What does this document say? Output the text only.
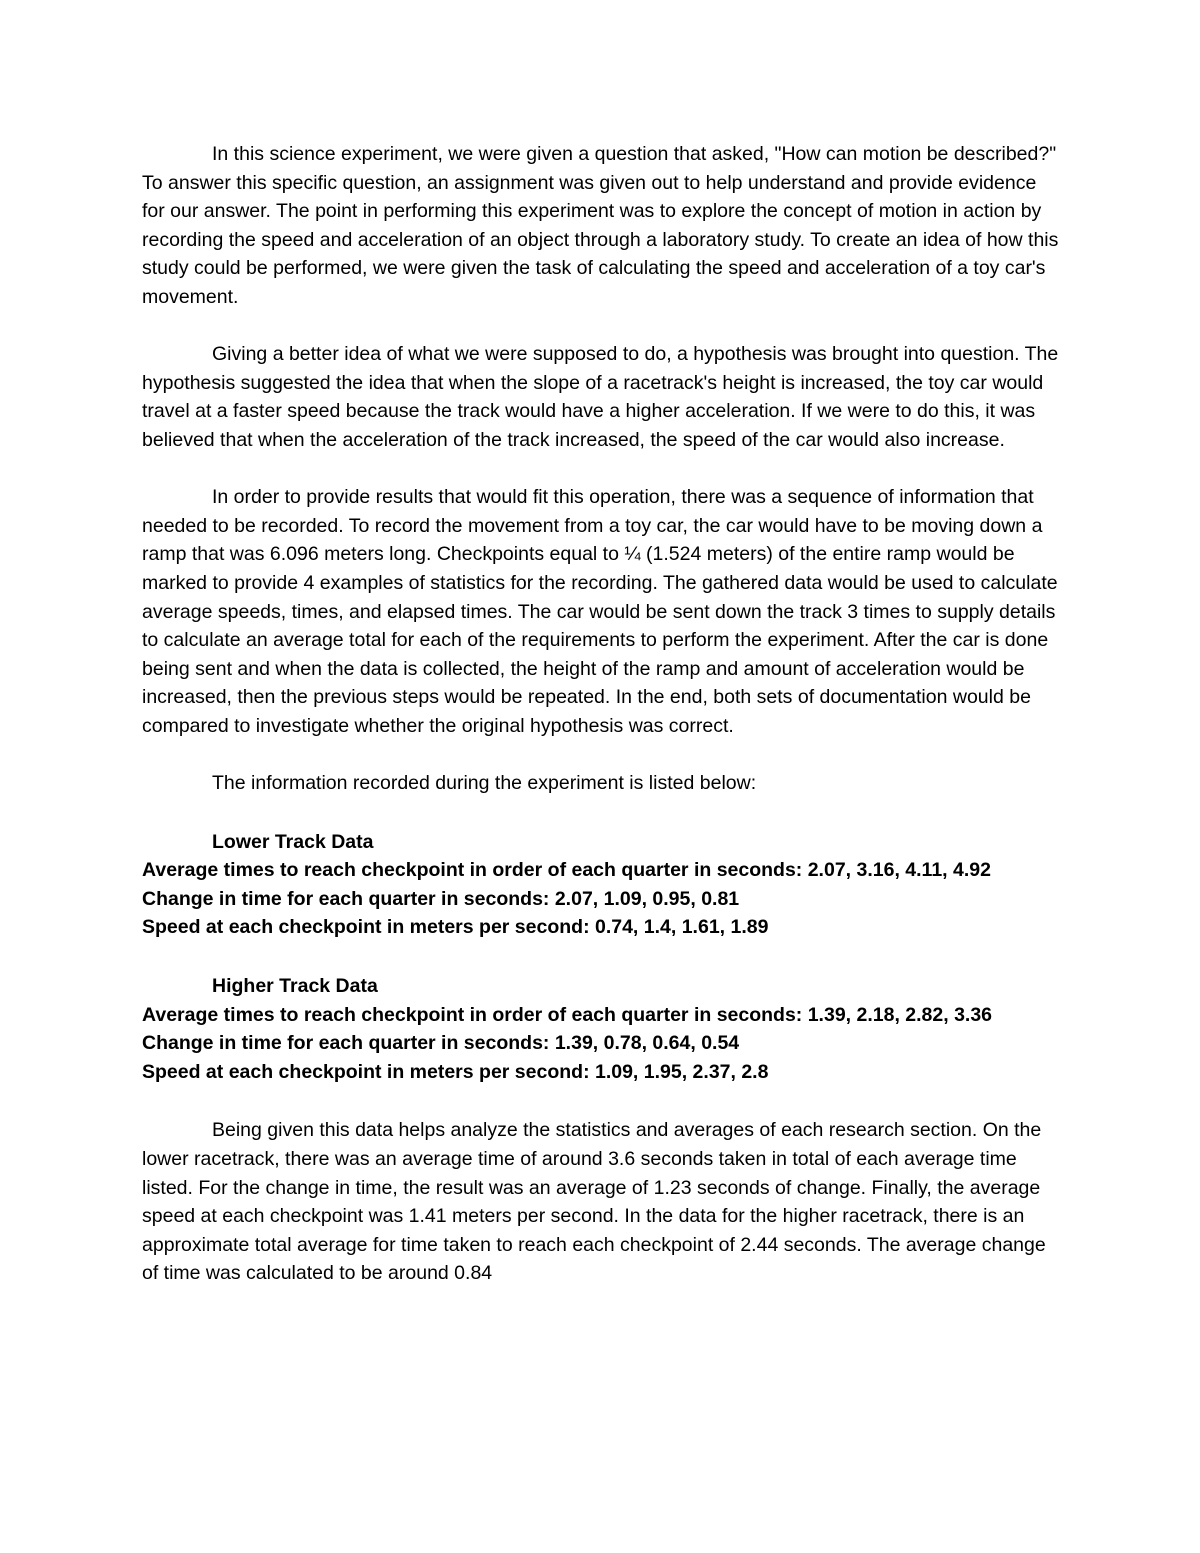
In this science experiment, we were given a question that asked, "How can motion be described?" To answer this specific question, an assignment was given out to help understand and provide evidence for our answer. The point in performing this experiment was to explore the concept of motion in action by recording the speed and acceleration of an object through a laboratory study. To create an idea of how this study could be performed, we were given the task of calculating the speed and acceleration of a toy car's movement.

Giving a better idea of what we were supposed to do, a hypothesis was brought into question. The hypothesis suggested the idea that when the slope of a racetrack's height is increased, the toy car would travel at a faster speed because the track would have a higher acceleration. If we were to do this, it was believed that when the acceleration of the track increased, the speed of the car would also increase.

In order to provide results that would fit this operation, there was a sequence of information that needed to be recorded. To record the movement from a toy car, the car would have to be moving down a ramp that was 6.096 meters long. Checkpoints equal to ¼ (1.524 meters) of the entire ramp would be marked to provide 4 examples of statistics for the recording. The gathered data would be used to calculate average speeds, times, and elapsed times. The car would be sent down the track 3 times to supply details to calculate an average total for each of the requirements to perform the experiment. After the car is done being sent and when the data is collected, the height of the ramp and amount of acceleration would be increased, then the previous steps would be repeated. In the end, both sets of documentation would be compared to investigate whether the original hypothesis was correct.

The information recorded during the experiment is listed below:

Lower Track Data

Average times to reach checkpoint in order of each quarter in seconds: 2.07, 3.16, 4.11, 4.92

Change in time for each quarter in seconds: 2.07, 1.09, 0.95, 0.81

Speed at each checkpoint in meters per second: 0.74, 1.4, 1.61, 1.89

Higher Track Data

Average times to reach checkpoint in order of each quarter in seconds: 1.39, 2.18, 2.82, 3.36

Change in time for each quarter in seconds: 1.39, 0.78, 0.64, 0.54

Speed at each checkpoint in meters per second: 1.09, 1.95, 2.37, 2.8

Being given this data helps analyze the statistics and averages of each research section. On the lower racetrack, there was an average time of around 3.6 seconds taken in total of each average time listed. For the change in time, the result was an average of 1.23 seconds of change. Finally, the average speed at each checkpoint was 1.41 meters per second. In the data for the higher racetrack, there is an approximate total average for time taken to reach each checkpoint of 2.44 seconds. The average change of time was calculated to be around 0.84
